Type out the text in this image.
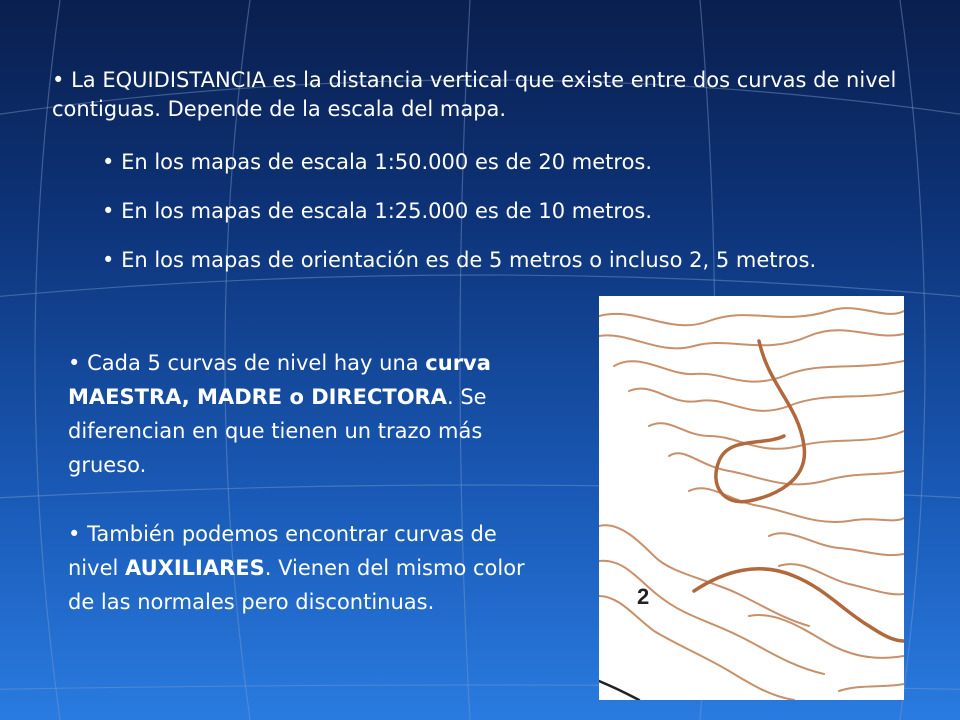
• La EQUIDISTANCIA es la distancia vertical que existe entre dos curvas de nivel contiguas. Depende de la escala del mapa.
• En los mapas de escala 1:50.000 es de 20 metros.
• En los mapas de escala 1:25.000 es de 10 metros.
• En los mapas de orientación es de 5 metros o incluso 2, 5 metros.
• Cada 5 curvas de nivel hay una curva MAESTRA, MADRE o DIRECTORA. Se diferencian en que tienen un trazo más grueso.
• También podemos encontrar curvas de nivel AUXILIARES. Vienen del mismo color de las normales pero discontinuas.	2
